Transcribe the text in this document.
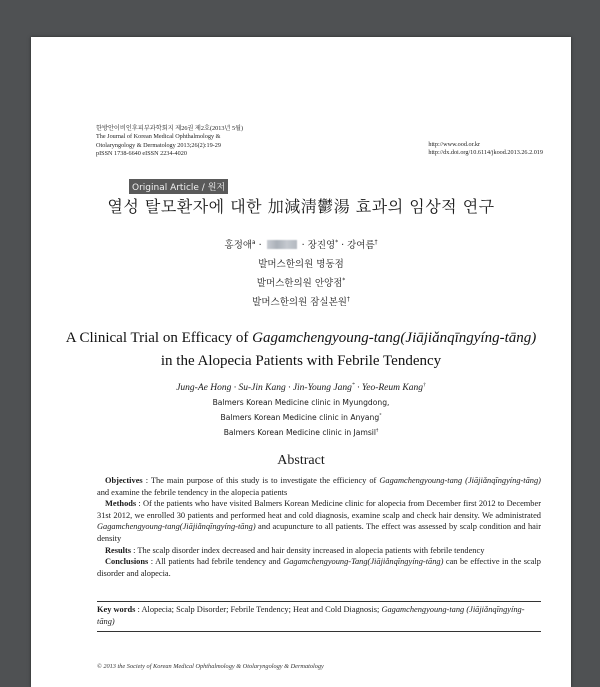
한방안이비인후피부과학회지 제26권 제2호(2013년 5월)
The Journal of Korean Medical Ophthalmology &
Otolaryngology & Dermatology 2013;26(2):19-29
pISSN 1738-6640 eISSN 2234-4020
http://www.ood.or.kr
http://dx.doi.org/10.6114/jkood.2013.26.2.019
Original Article / 원저
열성 탈모환자에 대한 加減淸鬱湯 효과의 임상적 연구
홍정애$^a$ ·	· 장진영* · 강여름†
발머스한의원 명동점
발머스한의원 안양점*
발머스한의원 잠실본원†
A Clinical Trial on Efficacy of Gagamchengyoung-tang(Jiājiǎnqīngyíng-tāng)
in the Alopecia Patients with Febrile Tendency
Jung-Ae Hong · Su-Jin Kang · Jin-Young Jang* · Yeo-Reum Kang†
Balmers Korean Medicine clinic in Myungdong,
Balmers Korean Medicine clinic in Anyang*
Balmers Korean Medicine clinic in Jamsil†
Abstract

Objectives : The main purpose of this study is to investigate the efficiency of Gagamchengyoung-tang (Jiājiǎnqīngyíng-tāng) and examine the febrile tendency in the alopecia patients

Methods : Of the patients who have visited Balmers Korean Medicine clinic for alopecia from December first 2012 to December 31st 2012, we enrolled 30 patients and performed heat and cold diagnosis, examine scalp and check hair density. We administrated Gagamchengyoung-tang(Jiājiǎnqīngyíng-tāng) and acupuncture to all patients. The effect was assessed by scalp condition and hair density

Results : The scalp disorder index decreased and hair density increased in alopecia patients with febrile tendency

Conclusions : All patients had febrile tendency and Gagamchengyoung-Tang(Jiājiǎnqīngyíng-tāng) can be effective in the scalp disorder and alopecia.

Key words : Alopecia; Scalp Disorder; Febrile Tendency; Heat and Cold Diagnosis; Gagamchengyoung-tang (Jiājiǎnqīngyíng-tāng)
© 2013 the Society of Korean Medical Ophthalmology & Otolaryngology & Dermatology
